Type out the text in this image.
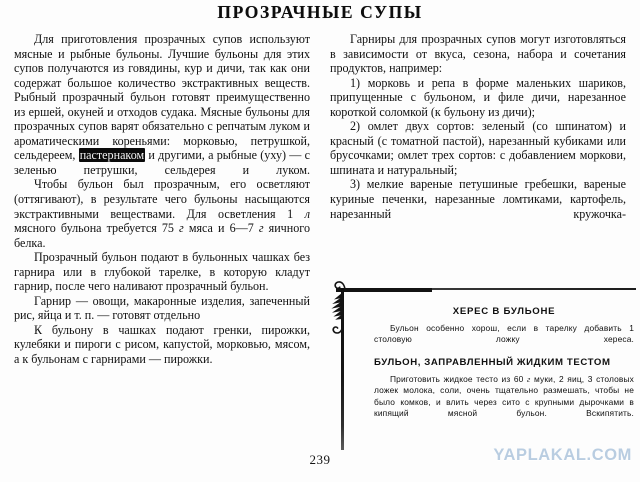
ПРОЗРАЧНЫЕ СУПЫ

Для приготовления прозрачных супов используют мясные и рыбные бульоны. Лучшие бульоны для этих супов получаются из говядины, кур и дичи, так как они содержат большое количество экстрактивных веществ. Рыбный прозрачный бульон готовят преимущественно из ершей, окуней и отходов судака. Мясные бульоны для прозрачных супов варят обязательно с репчатым луком и ароматическими кореньями: морковью, петрушкой, сельдереем, пастернаком и другими, а рыбные (уху) — с зеленью петрушки, сельдерея и луком.

Чтобы бульон был прозрачным, его осветляют (оттягивают), в результате чего бульоны насыщаются экстрактивными веществами. Для осветления 1 л мясного бульона требуется 75 г мяса и 6—7 г яичного белка.

Прозрачный бульон подают в бульонных чашках без гарнира или в глубокой тарелке, в которую кладут гарнир, после чего наливают прозрачный бульон.

Гарнир — овощи, макаронные изделия, запеченный рис, яйца и т. п. — готовят отдельно

К бульону в чашках подают гренки, пирожки, кулебяки и пироги с рисом, капустой, морковью, мясом, а к бульонам с гарнирами — пирожки.

Гарниры для прозрачных супов могут изготовляться в зависимости от вкуса, сезона, набора и сочетания продуктов, например:

1) морковь и репа в форме маленьких шариков, припущенные с бульоном, и филе дичи, нарезанное короткой соломкой (к бульону из дичи);

2) омлет двух сортов: зеленый (со шпинатом) и красный (с томатной пастой), нарезанный кубиками или брусочками; омлет трех сортов: с добавлением моркови, шпината и натуральный;

3) мелкие вареные петушиные гребешки, вареные куриные печенки, нарезанные ломтиками, картофель, нарезанный кружочка-

ХЕРЕС В БУЛЬОНЕ

Бульон особенно хорош, если в тарелку добавить 1 столовую ложку хереса.

БУЛЬОН, ЗАПРАВЛЕННЫЙ ЖИДКИМ ТЕСТОМ

Приготовить жидкое тесто из 60 г муки, 2 яиц, 3 столовых ложек молока, соли, очень тщательно размешать, чтобы не было комков, и влить через сито с крупными дырочками в кипящий мясной бульон. Вскипятить.

239	YAPLAKAL.COM
